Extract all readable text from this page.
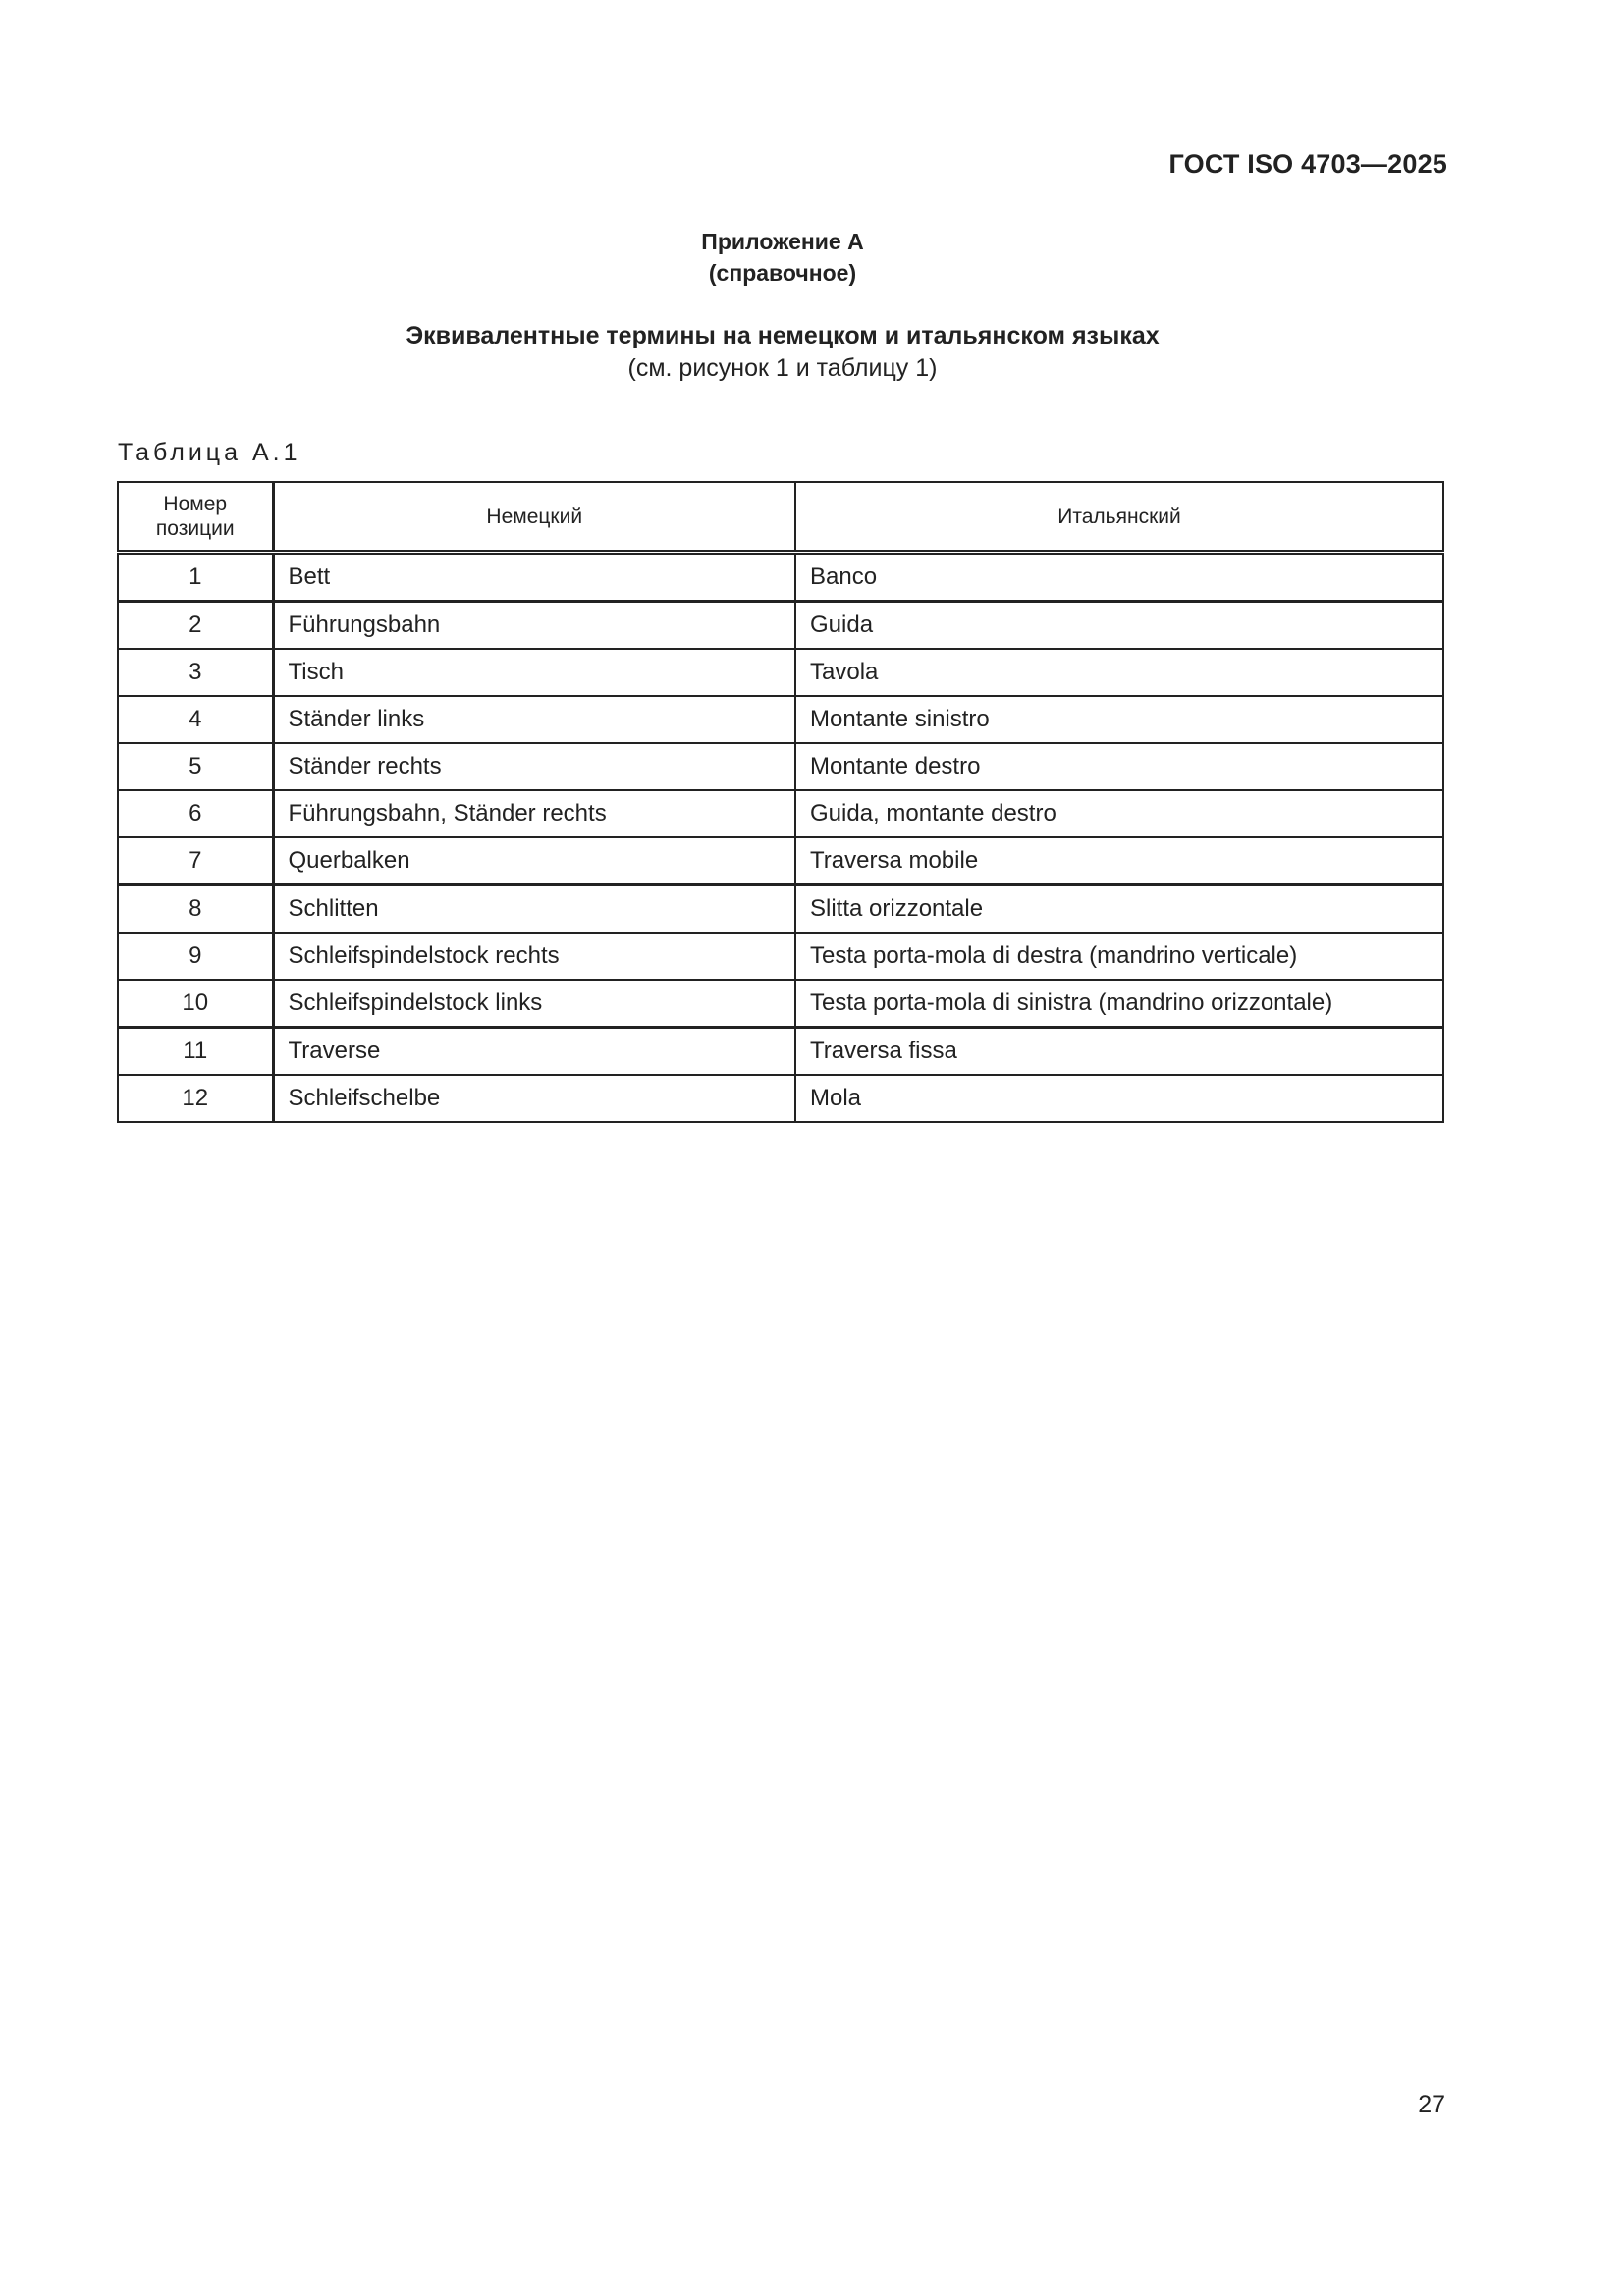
ГОСТ ISO 4703—2025
Приложение А
(справочное)
Эквивалентные термины на немецком и итальянском языках
(см. рисунок 1 и таблицу 1)
Таблица А.1
Номер позиции	Немецкий	Итальянский
1	Bett	Banco
2	Führungsbahn	Guida
3	Tisch	Tavola
4	Ständer links	Montante sinistro
5	Ständer rechts	Montante destro
6	Führungsbahn, Ständer rechts	Guida, montante destro
7	Querbalken	Traversa mobile
8	Schlitten	Slitta orizzontale
9	Schleifspindelstock rechts	Testa porta-mola di destra (mandrino verticale)
10	Schleifspindelstock links	Testa porta-mola di sinistra (mandrino orizzontale)
11	Traverse	Traversa fissa
12	Schleifschelbe	Mola
27
